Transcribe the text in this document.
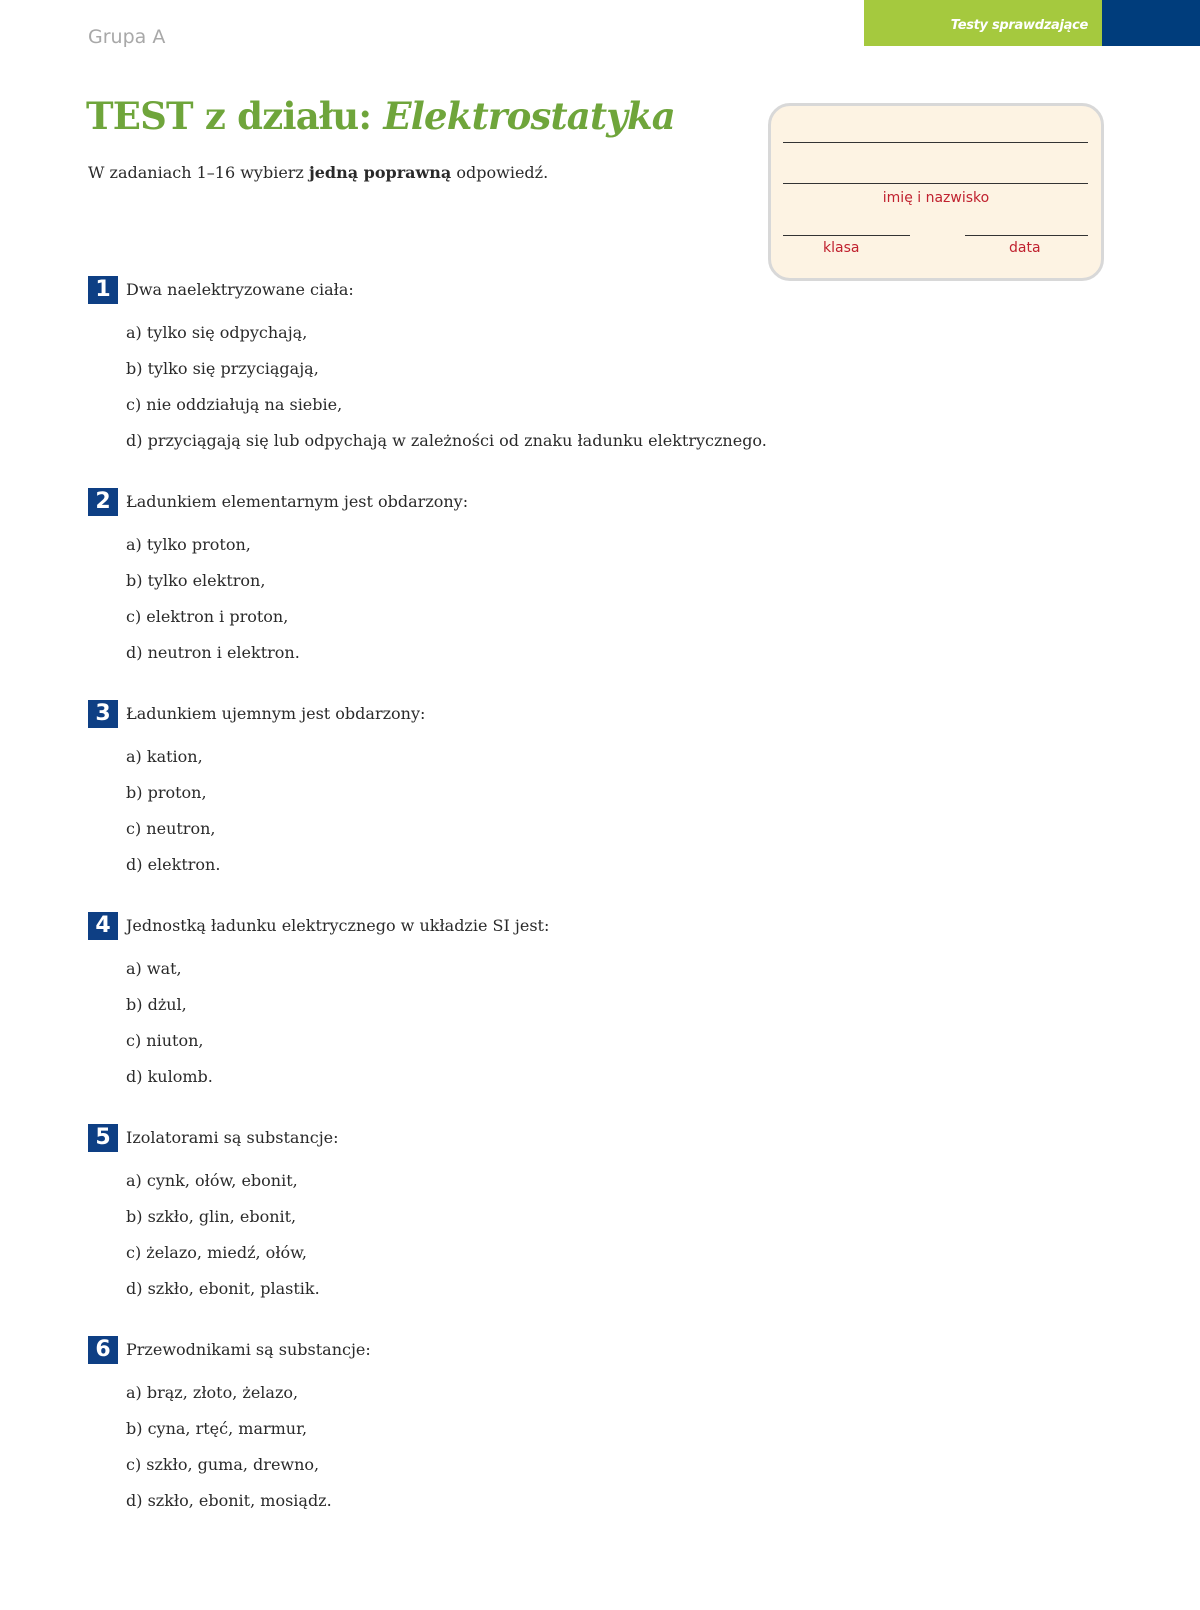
Grupa A
Testy sprawdzające
TEST z działu: Elektrostatyka
W zadaniach 1–16 wybierz jedną poprawną odpowiedź.
imię i nazwisko
klasa	data
1 Dwa naelektryzowane ciała:
a) tylko się odpychają,
b) tylko się przyciągają,
c) nie oddziałują na siebie,
d) przyciągają się lub odpychają w zależności od znaku ładunku elektrycznego.
2 Ładunkiem elementarnym jest obdarzony:
a) tylko proton,
b) tylko elektron,
c) elektron i proton,
d) neutron i elektron.
3 Ładunkiem ujemnym jest obdarzony:
a) kation,
b) proton,
c) neutron,
d) elektron.
4 Jednostką ładunku elektrycznego w układzie SI jest:
a) wat,
b) dżul,
c) niuton,
d) kulomb.
5 Izolatorami są substancje:
a) cynk, ołów, ebonit,
b) szkło, glin, ebonit,
c) żelazo, miedź, ołów,
d) szkło, ebonit, plastik.
6 Przewodnikami są substancje:
a) brąz, złoto, żelazo,
b) cyna, rtęć, marmur,
c) szkło, guma, drewno,
d) szkło, ebonit, mosiądz.
